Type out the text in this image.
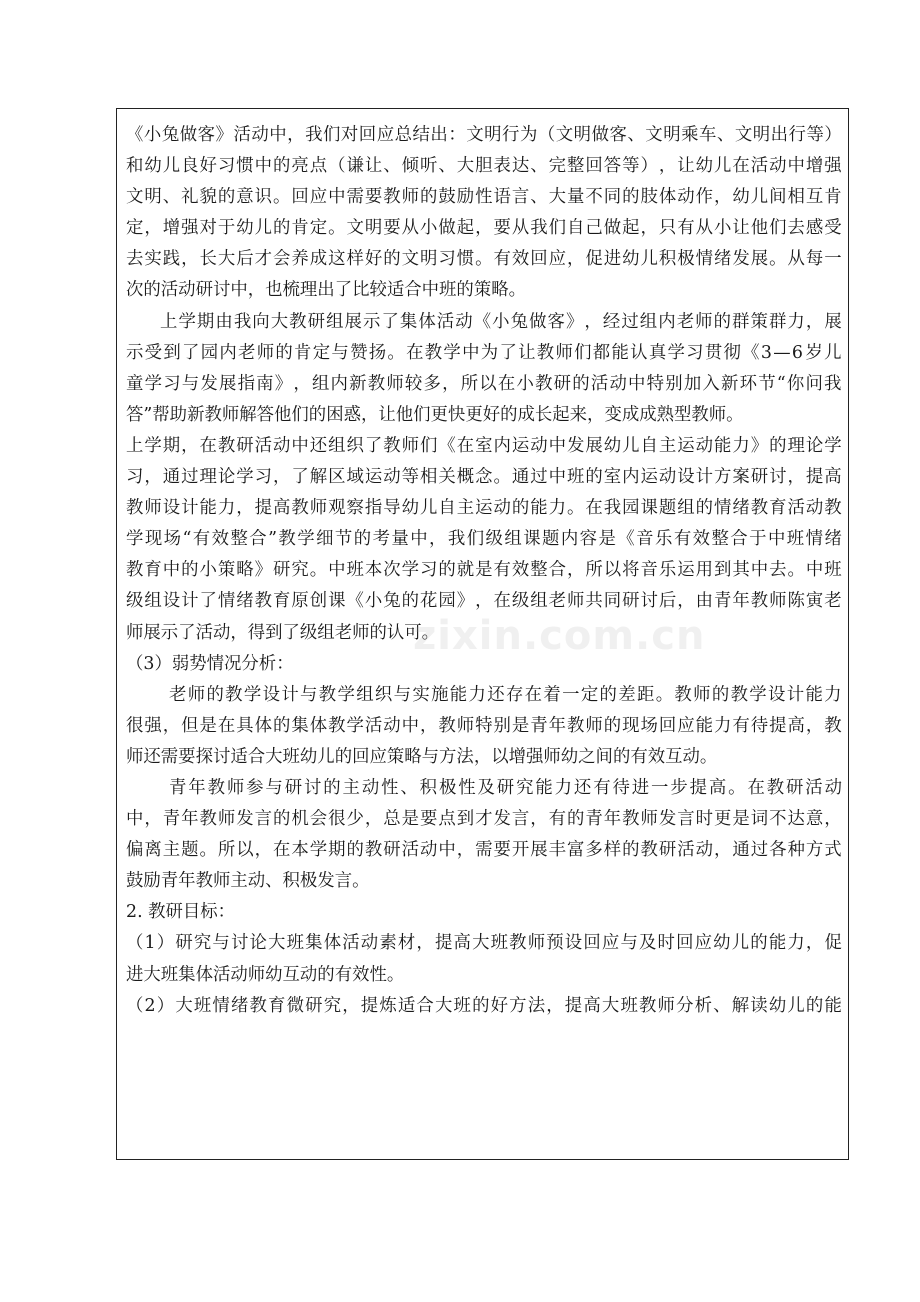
《 小 兔 做 客 》 活 动 中 ， 我 们 对 回 应 总 结 出 ： 文 明 行 为 （ 文 明 做 客 、 文 明 乘 车 、 文 明 出 行 等 ）
和 幼 儿 良 好 习 惯 中 的 亮 点 （ 谦 让 、 倾 听 、 大 胆 表 达 、 完 整 回 答 等 ） ， 让 幼 儿 在 活 动 中 增 强
文 明 、 礼 貌 的 意 识 。 回 应 中 需 要 教 师 的 鼓 励 性 语 言 、 大 量 不 同 的 肢 体 动 作 ， 幼 儿 间 相 互 肯
定 ， 增 强 对 于 幼 儿 的 肯 定 。 文 明 要 从 小 做 起 ， 要 从 我 们 自 己 做 起 ， 只 有 从 小 让 他 们 去 感 受
去 实 践 ， 长 大 后 才 会 养 成 这 样 好 的 文 明 习 惯 。 有 效 回 应 ， 促 进 幼 儿 积 极 情 绪 发 展 。 从 每 一
次的活动研讨中，也梳理出了比较适合中班的策略。
上 学 期 由 我 向 大 教 研 组 展 示 了 集 体 活 动 《 小 兔 做 客 》 ， 经 过 组 内 老 师 的 群 策 群 力 ， 展
示 受 到 了 园 内 老 师 的 肯 定 与 赞 扬 。 在 教 学 中 为 了 让 教 师 们 都 能 认 真 学 习 贯 彻 《 3 — 6 岁 儿
童 学 习 与 发 展 指 南 》 ， 组 内 新 教 师 较 多 ， 所 以 在 小 教 研 的 活 动 中 特 别 加 入 新 环 节 “ 你 问 我
答”帮助新教师解答他们的困惑，让他们更快更好的成长起来，变成成熟型教师。
上 学 期 ， 在 教 研 活 动 中 还 组 织 了 教 师 们 《 在 室 内 运 动 中 发 展 幼 儿 自 主 运 动 能 力 》 的 理 论 学
习 ， 通 过 理 论 学 习 ， 了 解 区 域 运 动 等 相 关 概 念 。 通 过 中 班 的 室 内 运 动 设 计 方 案 研 讨 ， 提 高
教 师 设 计 能 力 ， 提 高 教 师 观 察 指 导 幼 儿 自 主 运 动 的 能 力 。 在 我 园 课 题 组 的 情 绪 教 育 活 动 教
学 现 场 “ 有 效 整 合 ” 教 学 细 节 的 考 量 中 ， 我 们 级 组 课 题 内 容 是 《 音 乐 有 效 整 合 于 中 班 情 绪
教 育 中 的 小 策 略 》 研 究 。 中 班 本 次 学 习 的 就 是 有 效 整 合 ， 所 以 将 音 乐 运 用 到 其 中 去 。 中 班
级 组 设 计 了 情 绪 教 育 原 创 课 《 小 兔 的 花 园 》 ， 在 级 组 老 师 共 同 研 讨 后 ， 由 青 年 教 师 陈 寅 老
师展示了活动，得到了级组老师的认可。
（3）弱势情况分析：
老 师 的 教 学 设 计 与 教 学 组 织 与 实 施 能 力 还 存 在 着 一 定 的 差 距 。 教 师 的 教 学 设 计 能 力
很 强 ， 但 是 在 具 体 的 集 体 教 学 活 动 中 ， 教 师 特 别 是 青 年 教 师 的 现 场 回 应 能 力 有 待 提 高 ， 教
师还需要探讨适合大班幼儿的回应策略与方法，以增强师幼之间的有效互动。
青 年 教 师 参 与 研 讨 的 主 动 性 、 积 极 性 及 研 究 能 力 还 有 待 进 一 步 提 高 。 在 教 研 活 动
中 ， 青 年 教 师 发 言 的 机 会 很 少 ， 总 是 要 点 到 才 发 言 ， 有 的 青 年 教 师 发 言 时 更 是 词 不 达 意 ，
偏 离 主 题 。 所 以 ， 在 本 学 期 的 教 研 活 动 中 ， 需 要 开 展 丰 富 多 样 的 教 研 活 动 ， 通 过 各 种 方 式
鼓励青年教师主动、积极发言。
2. 教研目标：
（ 1 ） 研 究 与 讨 论 大 班 集 体 活 动 素 材 ， 提 高 大 班 教 师 预 设 回 应 与 及 时 回 应 幼 儿 的 能 力 ， 促
进大班集体活动师幼互动的有效性。
（ 2 ） 大 班 情 绪 教 育 微 研 究 ， 提 炼 适 合 大 班 的 好 方 法 ， 提 高 大 班 教 师 分 析 、 解 读 幼 儿 的 能
zixin.com.cn
